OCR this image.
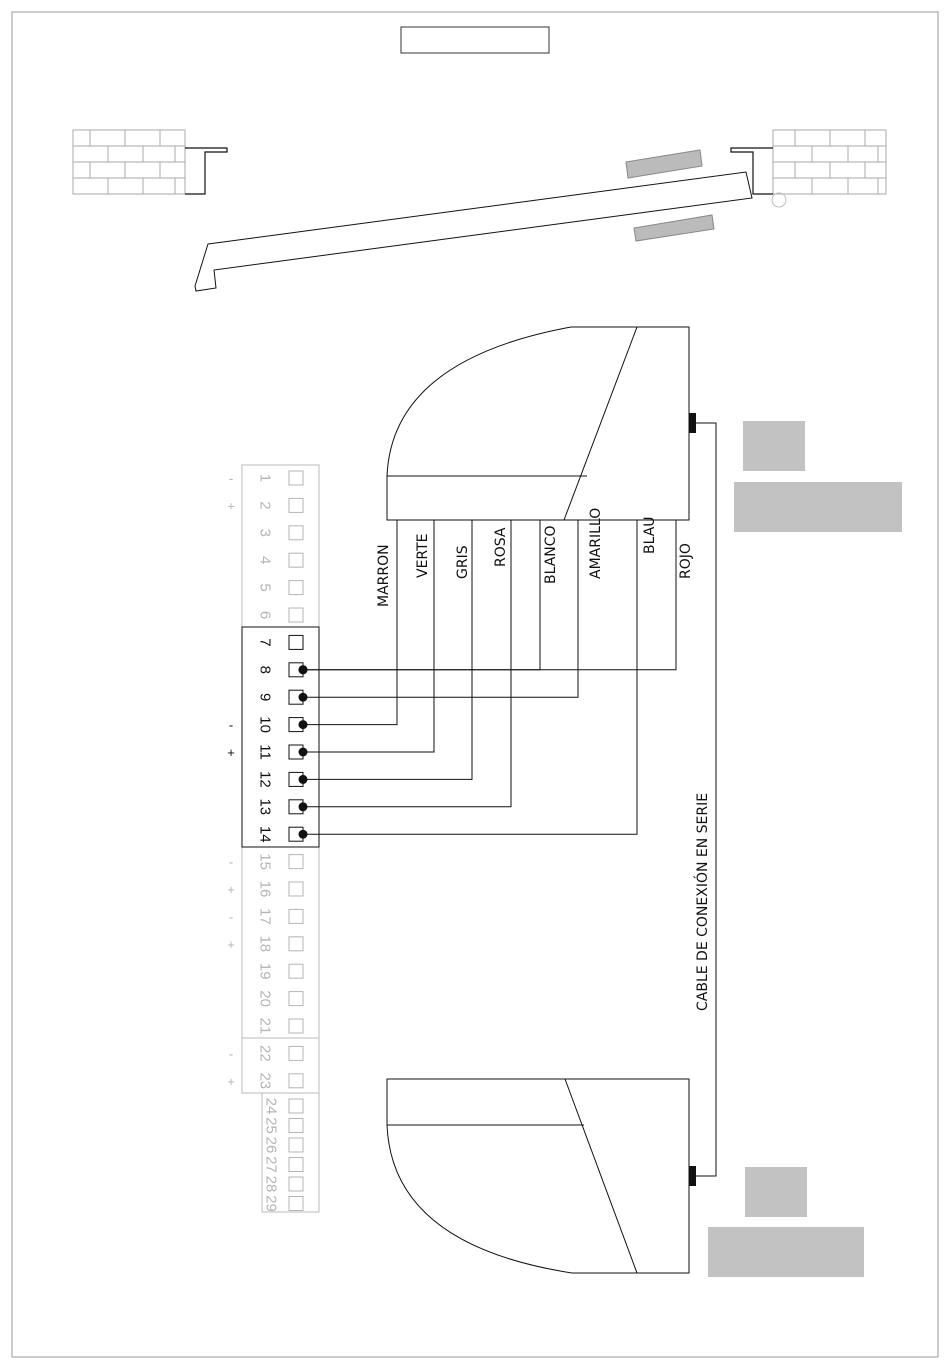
CABLE DE CONEXIÓN EN SERIE
1
-
2
+
3
4
5
6
7
8
9
10
-
11
+
12
13
14
15
-
16
+
17
-
18
+
19
20
21
22
-
23
+
24
25
26
27
28
29
MARRON VERTE GRIS ROSA BLANCO AMARILLO	BLAU
ROJO
